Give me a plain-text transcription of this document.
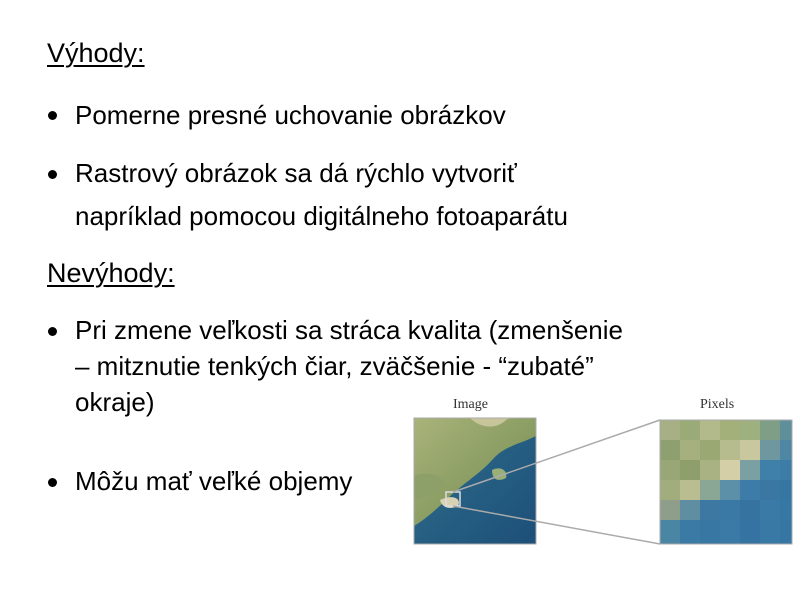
Výhody:
Pomerne presné uchovanie obrázkov
Rastrový obrázok sa dá rýchlo vytvoriť
napríklad pomocou digitálneho fotoaparátu
Nevýhody:
Pri zmene veľkosti sa stráca kvalita (zmenšenie
– mitznutie tenkých čiar, zväčšenie - “zubaté”
okraje)
Môžu mať veľké objemy
Image	Pixels
